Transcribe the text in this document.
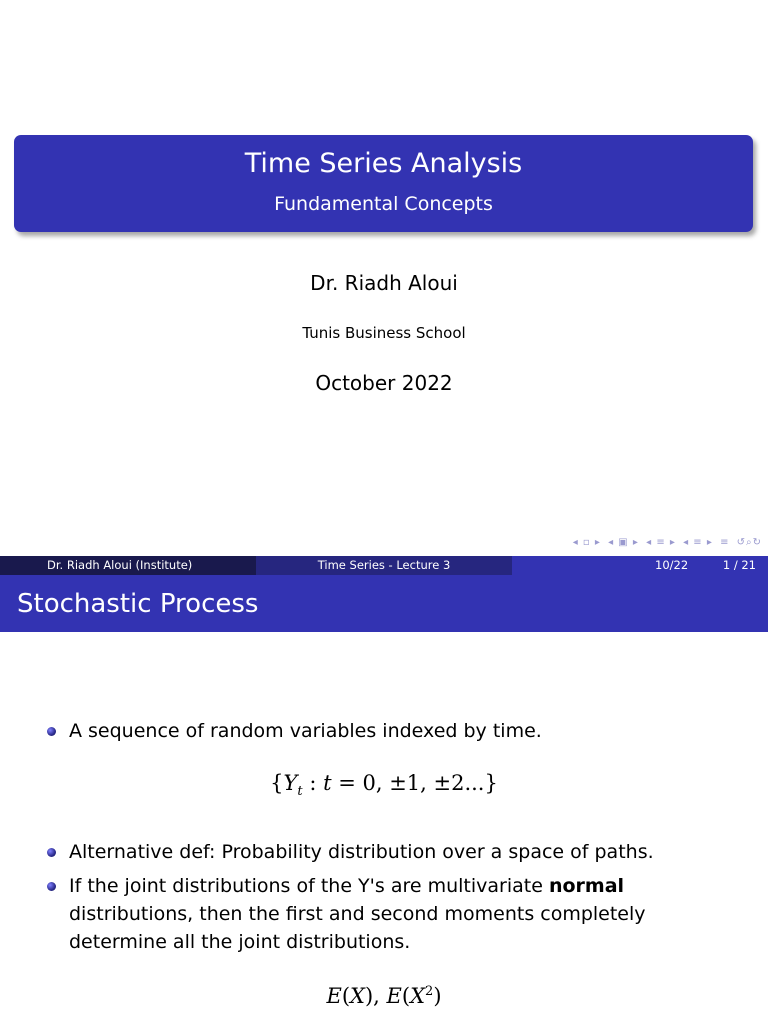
Time Series Analysis
Fundamental Concepts
Dr. Riadh Aloui
Tunis Business School
October 2022
◂ ▫ ▸ ◂ ▣ ▸ ◂ ≡ ▸ ◂ ≡ ▸ ≡ ↺⌕↻
Dr. Riadh Aloui (Institute)	Time Series - Lecture 3	10/22	1 / 21
Stochastic Process
A sequence of random variables indexed by time.
{$Y_t$ : t = 0, ±1, ±2...}
Alternative def: Probability distribution over a space of paths.
If the joint distributions of the Y's are multivariate normal distributions, then the first and second moments completely determine all the joint distributions.
E(X), $E(X^2)$
